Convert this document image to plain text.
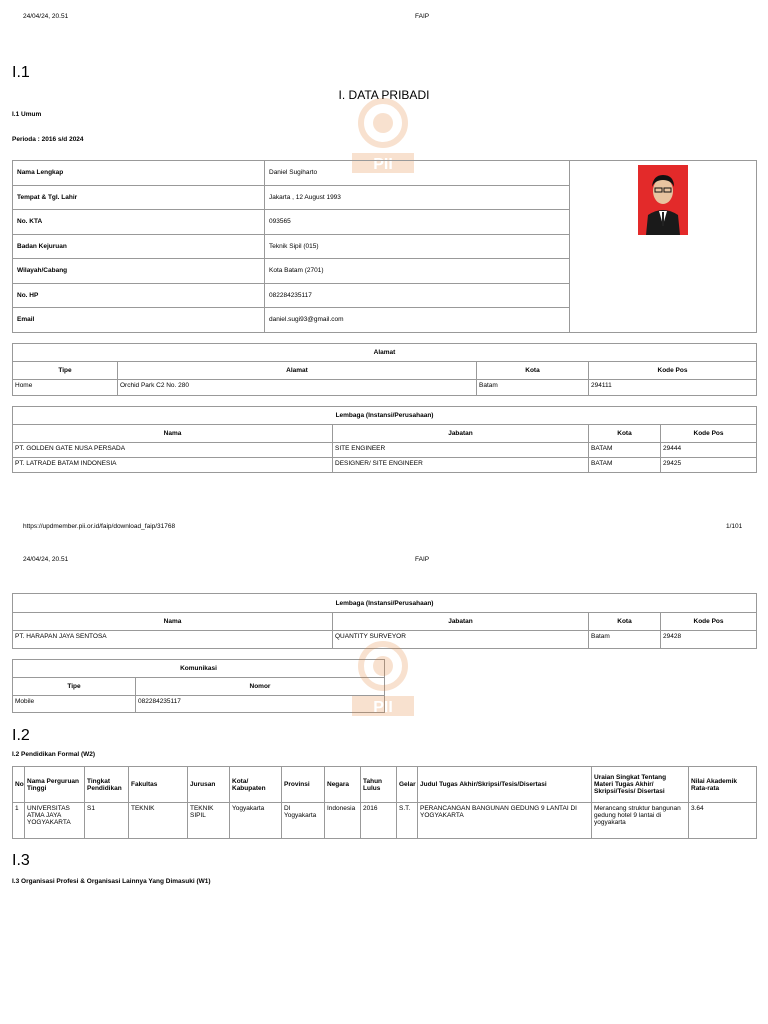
24/04/24, 20.51	FAIP
PII
I.1
I. DATA PRIBADI
I.1 Umum
Perioda : 2016 s/d 2024
Nama Lengkap	Daniel Sugiharto	
Tempat & Tgl. Lahir	Jakarta , 12 August 1993	
No. KTA	093565	
Badan Kejuruan	Teknik Sipil (015)	
Wilayah/Cabang	Kota Batam (2701)	
No. HP	082284235117	
Email	daniel.sugi93@gmail.com	
Alamat			
Tipe	Alamat	Kota	Kode Pos
Home	Orchid Park C2 No. 280	Batam	294111
Lembaga (Instansi/Perusahaan)			
Nama	Jabatan	Kota	Kode Pos
PT. GOLDEN GATE NUSA PERSADA	SITE ENGINEER	BATAM	29444
PT. LATRADE BATAM INDONESIA	DESIGNER/ SITE ENGINEER	BATAM	29425
https://updmember.pii.or.id/faip/download_faip/31768	1/101
24/04/24, 20.51	FAIP
Lembaga (Instansi/Perusahaan)			
Nama	Jabatan	Kota	Kode Pos
PT. HARAPAN JAYA SENTOSA	QUANTITY SURVEYOR	Batam	29428
Komunikasi	
Tipe	Nomor
Mobile	082284235117	PII
I.2
I.2 Pendidikan Formal (W2)
No	Nama Perguruan Tinggi	Tingkat Pendidikan	Fakultas	Jurusan	Kota/ Kabupaten	Provinsi	Negara	Tahun Lulus	Gelar	Judul Tugas Akhir/Skripsi/Tesis/Disertasi	Uraian Singkat Tentang Materi Tugas Akhir/ Skripsi/Tesis/ Disertasi	Nilai Akademik Rata-rata
1	UNIVERSITAS ATMA JAYA YOGYAKARTA	S1	TEKNIK	TEKNIK SIPIL	Yogyakarta	DI Yogyakarta	Indonesia	2016	S.T.	PERANCANGAN BANGUNAN GEDUNG 9 LANTAI DI YOGYAKARTA	Merancang struktur bangunan gedung hotel 9 lantai di yogyakarta	3.64
I.3
I.3 Organisasi Profesi & Organisasi Lainnya Yang Dimasuki (W1)
